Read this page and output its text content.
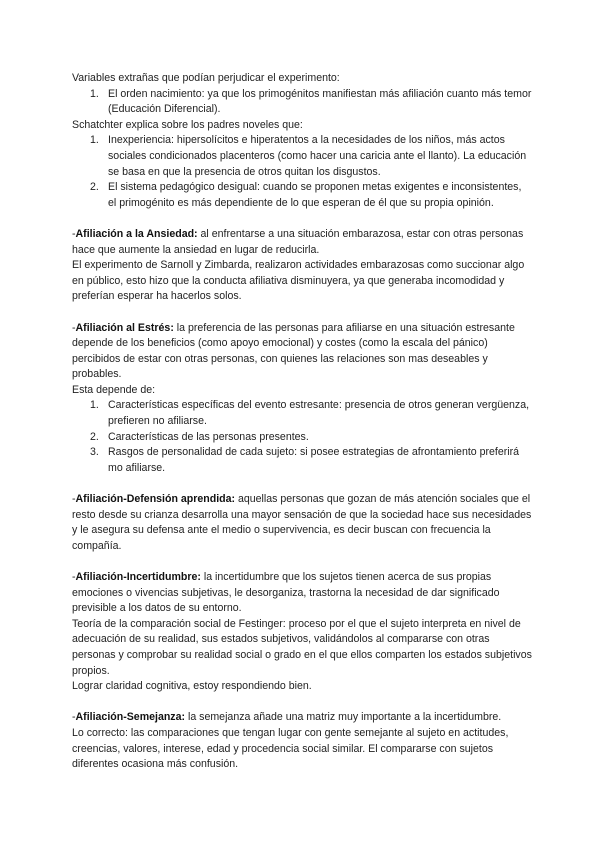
Variables extrañas que podían perjudicar el experimento:

1. El orden nacimiento: ya que los primogénitos manifiestan más afiliación cuanto más temor (Educación Diferencial).

Schatchter explica sobre los padres noveles que:

1. Inexperiencia: hipersolícitos e hiperatentos a la necesidades de los niños, más actos sociales condicionados placenteros (como hacer una caricia ante el llanto). La educación se basa en que la presencia de otros quitan los disgustos.
2. El sistema pedagógico desigual: cuando se proponen metas exigentes e inconsistentes, el primogénito es más dependiente de lo que esperan de él que su propia opinión.

-Afiliación a la Ansiedad: al enfrentarse a una situación embarazosa, estar con otras personas hace que aumente la ansiedad en lugar de reducirla.

El experimento de Sarnoll y Zimbarda, realizaron actividades embarazosas como succionar algo en público, esto hizo que la conducta afiliativa disminuyera, ya que generaba incomodidad y preferían esperar ha hacerlos solos.

-Afiliación al Estrés: la preferencia de las personas para afiliarse en una situación estresante depende de los beneficios (como apoyo emocional) y costes (como la escala del pánico) percibidos de estar con otras personas, con quienes las relaciones son mas deseables y probables.

Esta depende de:

1. Características específicas del evento estresante: presencia de otros generan vergüenza, prefieren no afiliarse.
2. Características de las personas presentes.
3. Rasgos de personalidad de cada sujeto: si posee estrategias de afrontamiento preferirá mo afiliarse.

-Afiliación-Defensión aprendida: aquellas personas que gozan de más atención sociales que el resto desde su crianza desarrolla una mayor sensación de que la sociedad hace sus necesidades y le asegura su defensa ante el medio o supervivencia, es decir buscan con frecuencia la compañía.

-Afiliación-Incertidumbre: la incertidumbre que los sujetos tienen acerca de sus propias emociones o vivencias subjetivas, le desorganiza, trastorna la necesidad de dar significado previsible a los datos de su entorno.

Teoría de la comparación social de Festinger: proceso por el que el sujeto interpreta en nivel de adecuación de su realidad, sus estados subjetivos, validándolos al compararse con otras personas y comprobar su realidad social o grado en el que ellos comparten los estados subjetivos propios.

Lograr claridad cognitiva, estoy respondiendo bien.

-Afiliación-Semejanza: la semejanza añade una matriz muy importante a la incertidumbre.

Lo correcto: las comparaciones que tengan lugar con gente semejante al sujeto en actitudes, creencias, valores, interese, edad y procedencia social similar. El compararse con sujetos diferentes ocasiona más confusión.
